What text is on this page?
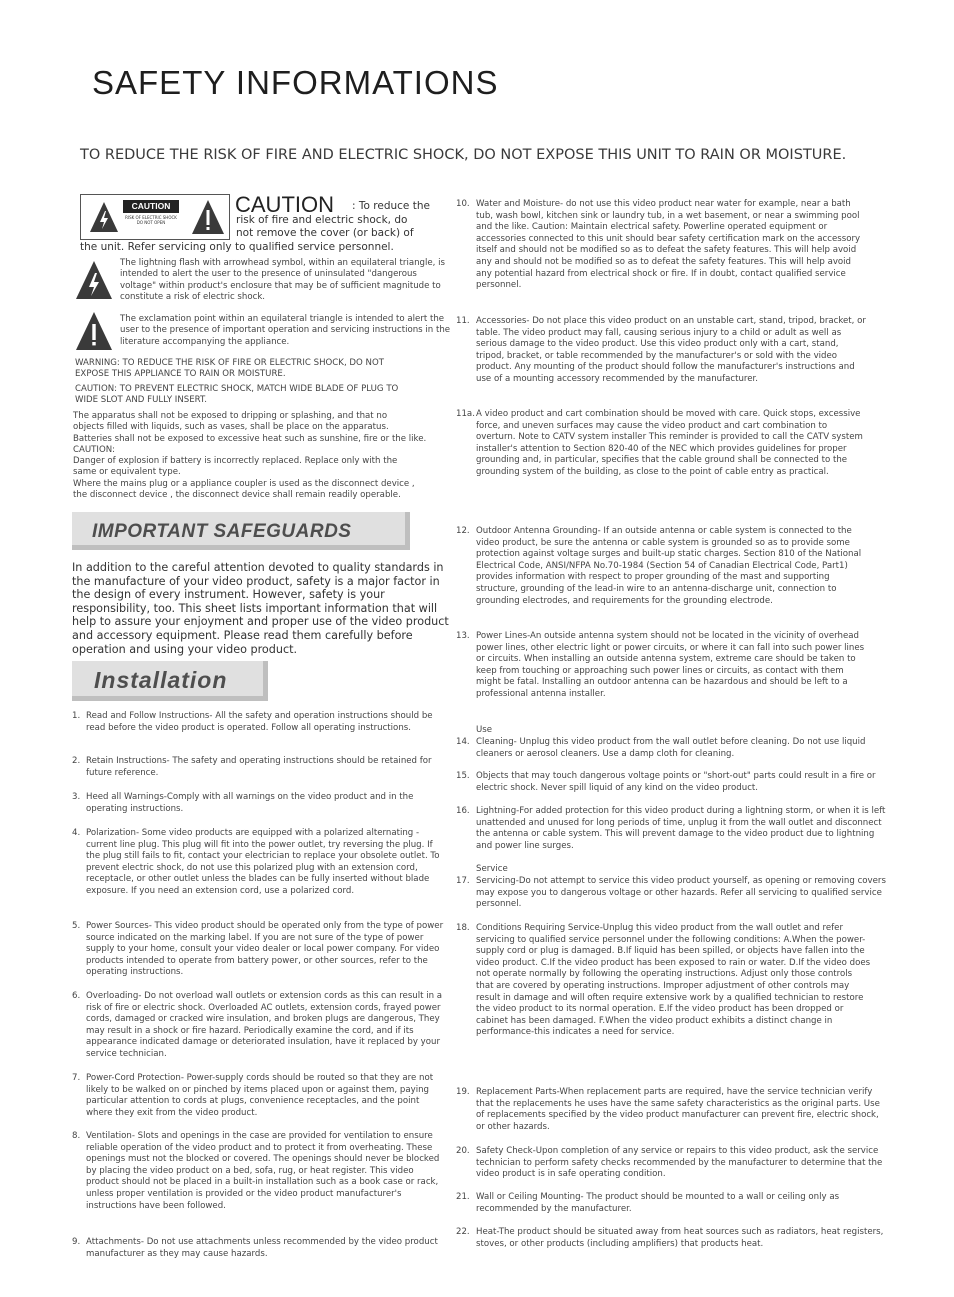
SAFETY INFORMATIONS
TO REDUCE THE RISK OF FIRE AND ELECTRIC SHOCK, DO NOT EXPOSE THIS UNIT TO RAIN OR MOISTURE.
CAUTION
RISK OF ELECTRIC SHOCK DO NOT OPEN
CAUTION : To reduce the
risk of fire and electric shock, do
not remove the cover (or back) of
the unit. Refer servicing only to qualified service personnel.
The lightning flash with arrowhead symbol, within an equilateral triangle, is intended to alert the user to the presence of uninsulated "dangerous voltage" within product's enclosure that may be of sufficient magnitude to constitute a risk of electric shock.
The exclamation point within an equilateral triangle is intended to alert the user to the presence of important operation and servicing instructions in the literature accompanying the appliance.
WARNING: TO REDUCE THE RISK OF FIRE OR ELECTRIC SHOCK, DO NOT EXPOSE THIS APPLIANCE TO RAIN OR MOISTURE.
CAUTION: TO PREVENT ELECTRIC SHOCK, MATCH WIDE BLADE OF PLUG TO WIDE SLOT AND FULLY INSERT.
The apparatus shall not be exposed to dripping or splashing, and that no
objects filled with liquids, such as vases, shall be place on the apparatus.
Batteries shall not be exposed to excessive heat such as sunshine, fire or the like.
CAUTION:
Danger of explosion if battery is incorrectly replaced. Replace only with the
same or equivalent type.
Where the mains plug or a appliance coupler is used as the disconnect device ,
the disconnect device , the disconnect device shall remain readily operable.
IMPORTANT SAFEGUARDS
In addition to the careful attention devoted to quality standards in the manufacture of your video product, safety is a major factor in the design of every instrument. However, safety is your responsibility, too. This sheet lists important information that will help to assure your enjoyment and proper use of the video product and accessory equipment. Please read them carefully before operation and using your video product.
Installation
1. Read and Follow Instructions- All the safety and operation instructions should be read before the video product is operated. Follow all operating instructions.
2. Retain Instructions- The safety and operating instructions should be retained for future reference.
3. Heed all Warnings-Comply with all warnings on the video product and in the operating instructions.
4. Polarization- Some video products are equipped with a polarized alternating -current line plug. This plug will fit into the power outlet, try reversing the plug. If the plug still fails to fit, contact your electrician to replace your obsolete outlet. To prevent electric shock, do not use this polarized plug with an extension cord, receptacle, or other outlet unless the blades can be fully inserted without blade exposure. If you need an extension cord, use a polarized cord.
5. Power Sources- This video product should be operated only from the type of power source indicated on the marking label. If you are not sure of the type of power supply to your home, consult your video dealer or local power company. For video products intended to operate from battery power, or other sources, refer to the operating instructions.
6. Overloading- Do not overload wall outlets or extension cords as this can result in a risk of fire or electric shock. Overloaded AC outlets, extension cords, frayed power cords, damaged or cracked wire insulation, and broken plugs are dangerous, They may result in a shock or fire hazard. Periodically examine the cord, and if its appearance indicated damage or deteriorated insulation, have it replaced by your service technician.
7. Power-Cord Protection- Power-supply cords should be routed so that they are not likely to be walked on or pinched by items placed upon or against them, paying particular attention to cords at plugs, convenience receptacles, and the point where they exit from the video product.
8. Ventilation- Slots and openings in the case are provided for ventilation to ensure reliable operation of the video product and to protect it from overheating. These openings must not the blocked or covered. The openings should never be blocked by placing the video product on a bed, sofa, rug, or heat register. This video product should not be placed in a built-in installation such as a book case or rack, unless proper ventilation is provided or the video product manufacturer's instructions have been followed.
9. Attachments- Do not use attachments unless recommended by the video product manufacturer as they may cause hazards.
10. Water and Moisture- do not use this video product near water for example, near a bath tub, wash bowl, kitchen sink or laundry tub, in a wet basement, or near a swimming pool and the like. Caution: Maintain electrical safety. Powerline operated equipment or accessories connected to this unit should bear safety certification mark on the accessory itself and should not be modified so as to defeat the safety features. This will help avoid any and should not be modified so as to defeat the safety features. This will help avoid any potential hazard from electrical shock or fire. If in doubt, contact qualified service personnel.
11. Accessories- Do not place this video product on an unstable cart, stand, tripod, bracket, or table. The video product may fall, causing serious injury to a child or adult as well as serious damage to the video product. Use this video product only with a cart, stand, tripod, bracket, or table recommended by the manufacturer's or sold with the video product. Any mounting of the product should follow the manufacturer's instructions and use of a mounting accessory recommended by the manufacturer.
11a. A video product and cart combination should be moved with care. Quick stops, excessive force, and uneven surfaces may cause the video product and cart combination to overturn. Note to CATV system installer This reminder is provided to call the CATV system installer's attention to Section 820-40 of the NEC which provides guidelines for proper grounding and, in particular, specifies that the cable ground shall be connected to the grounding system of the building, as close to the point of cable entry as practical.
12. Outdoor Antenna Grounding- If an outside antenna or cable system is connected to the video product, be sure the antenna or cable system is grounded so as to provide some protection against voltage surges and built-up static charges. Section 810 of the National Electrical Code, ANSI/NFPA No.70-1984 (Section 54 of Canadian Electrical Code, Part1) provides information with respect to proper grounding of the mast and supporting structure, grounding of the lead-in wire to an antenna-discharge unit, connection to grounding electrodes, and requirements for the grounding electrode.
13. Power Lines-An outside antenna system should not be located in the vicinity of overhead power lines, other electric light or power circuits, or where it can fall into such power lines or circuits. When installing an outside antenna system, extreme care should be taken to keep from touching or approaching such power lines or circuits, as contact with them might be fatal. Installing an outdoor antenna can be hazardous and should be left to a professional antenna installer.
Use
14. Cleaning- Unplug this video product from the wall outlet before cleaning. Do not use liquid cleaners or aerosol cleaners. Use a damp cloth for cleaning.
15. Objects that may touch dangerous voltage points or "short-out" parts could result in a fire or electric shock. Never spill liquid of any kind on the video product.
16. Lightning-For added protection for this video product during a lightning storm, or when it is left unattended and unused for long periods of time, unplug it from the wall outlet and disconnect the antenna or cable system. This will prevent damage to the video product due to lightning and power line surges.
Service
17. Servicing-Do not attempt to service this video product yourself, as opening or removing covers may expose you to dangerous voltage or other hazards. Refer all servicing to qualified service personnel.
18. Conditions Requiring Service-Unplug this video product from the wall outlet and refer servicing to qualified service personnel under the following conditions: A.When the power-supply cord or plug is damaged. B.If liquid has been spilled, or objects have fallen into the video product. C.If the video product has been exposed to rain or water. D.If the video does not operate normally by following the operating instructions. Adjust only those controls that are covered by operating instructions. Improper adjustment of other controls may result in damage and will often require extensive work by a qualified technician to restore the video product to its normal operation. E.If the video product has been dropped or cabinet has been damaged. F.When the video product exhibits a distinct change in performance-this indicates a need for service.
19. Replacement Parts-When replacement parts are required, have the service technician verify that the replacements he uses have the same safety characteristics as the original parts. Use of replacements specified by the video product manufacturer can prevent fire, electric shock, or other hazards.
20. Safety Check-Upon completion of any service or repairs to this video product, ask the service technician to perform safety checks recommended by the manufacturer to determine that the video product is in safe operating condition.
21. Wall or Ceiling Mounting- The product should be mounted to a wall or ceiling only as recommended by the manufacturer.
22. Heat-The product should be situated away from heat sources such as radiators, heat registers, stoves, or other products (including amplifiers) that products heat.
